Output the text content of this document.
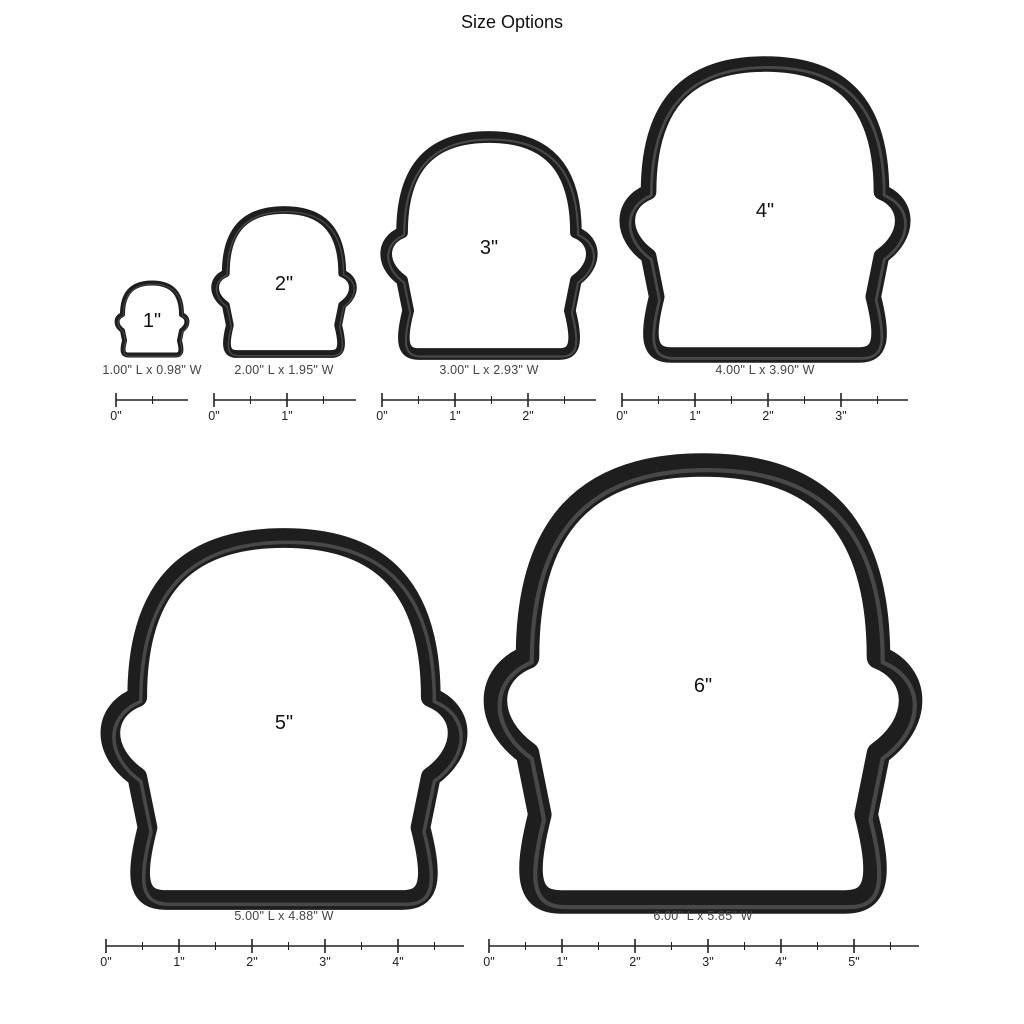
Size Options
1"
1.00" L x 0.98" W
0"
2"
2.00" L x 1.95" W
0"	1"
3"
3.00" L x 2.93" W
0"	1"	2"
4"
4.00" L x 3.90" W
0"	1"	2"	3"
5"
5.00" L x 4.88" W
0"	1"	2"	3"	4"
6"
6.00" L x 5.85" W
0"	1"	2"	3"	4"	5"
